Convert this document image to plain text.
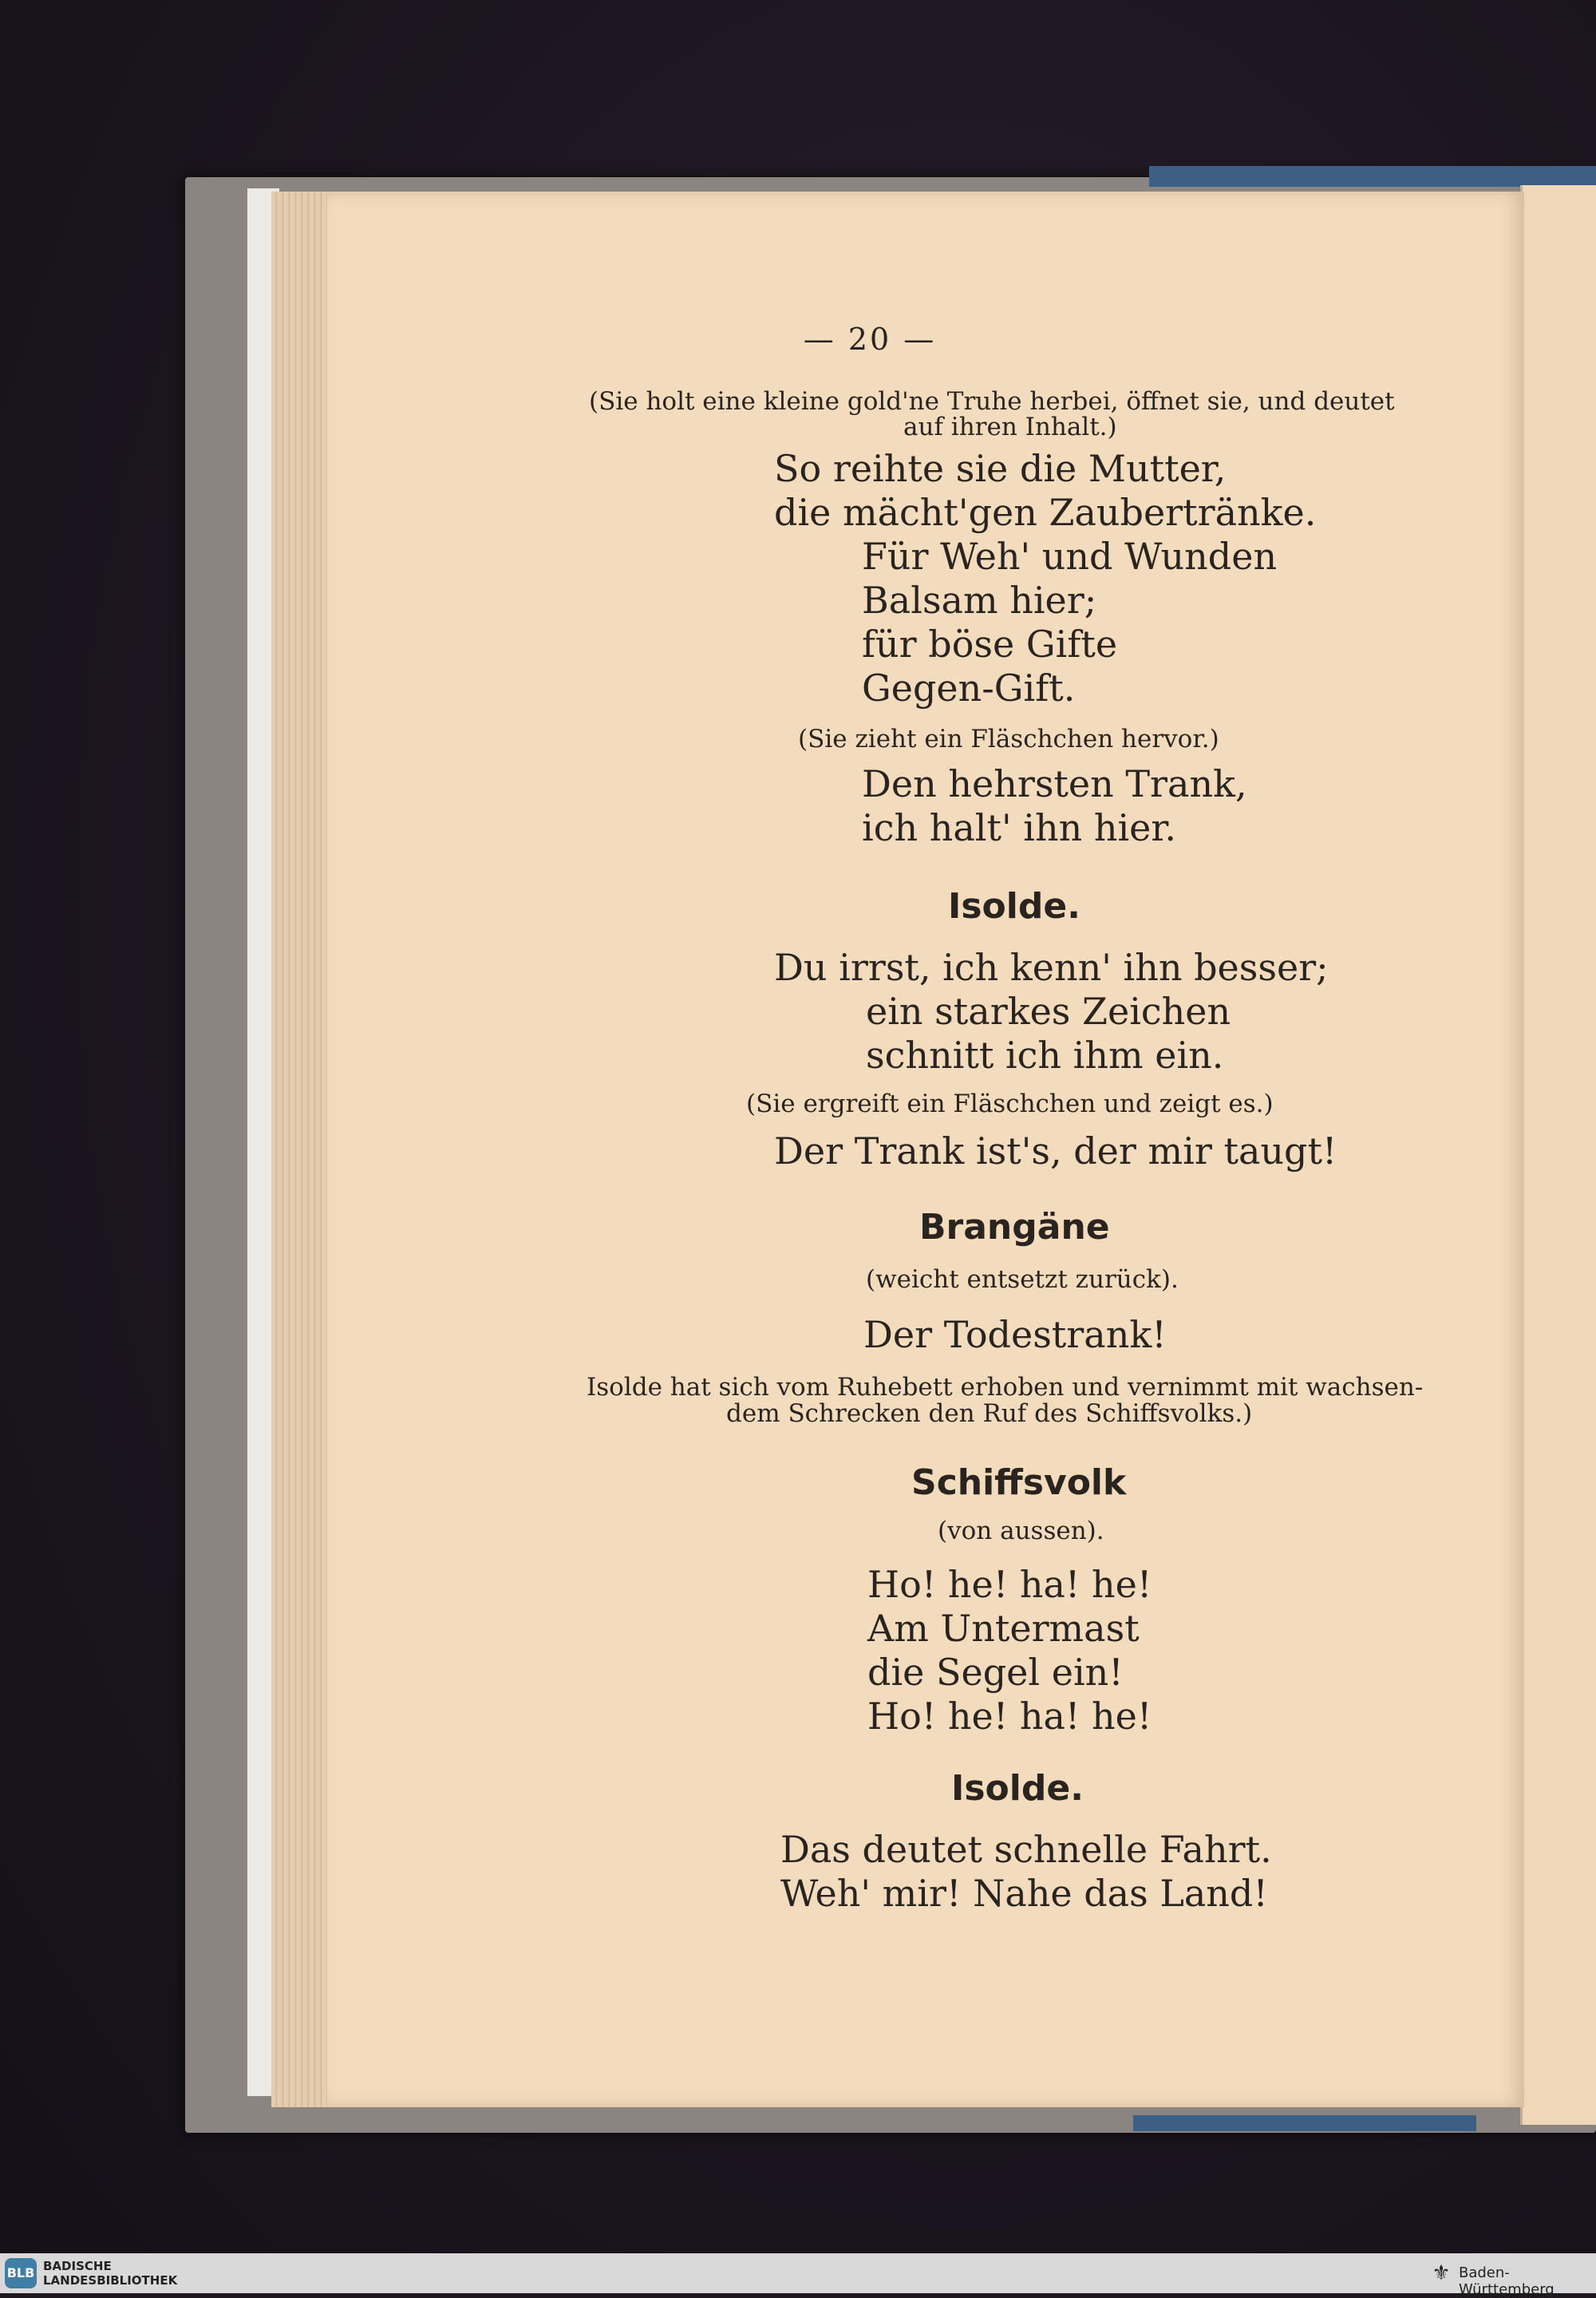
— 20 —
(Sie holt eine kleine gold'ne Truhe herbei, öffnet sie, und deutet
auf ihren Inhalt.)
So reihte sie die Mutter,
die mächt'gen Zaubertränke.
Für Weh' und Wunden
Balsam hier;
für böse Gifte
Gegen-Gift.
(Sie zieht ein Fläschchen hervor.)
Den hehrsten Trank,
ich halt' ihn hier.
Isolde.
Du irrst, ich kenn' ihn besser;
ein starkes Zeichen
schnitt ich ihm ein.
(Sie ergreift ein Fläschchen und zeigt es.)
Der Trank ist's, der mir taugt!
Brangäne
(weicht entsetzt zurück).
Der Todestrank!
Isolde hat sich vom Ruhebett erhoben und vernimmt mit wachsen-
dem Schrecken den Ruf des Schiffsvolks.)
Schiffsvolk
(von aussen).
Ho! he! ha! he!
Am Untermast
die Segel ein!
Ho! he! ha! he!
Isolde.
Das deutet schnelle Fahrt.
Weh' mir! Nahe das Land!
BLB BADISCHE
LANDESBIBLIOTHEK	⚜ Baden-Württemberg
